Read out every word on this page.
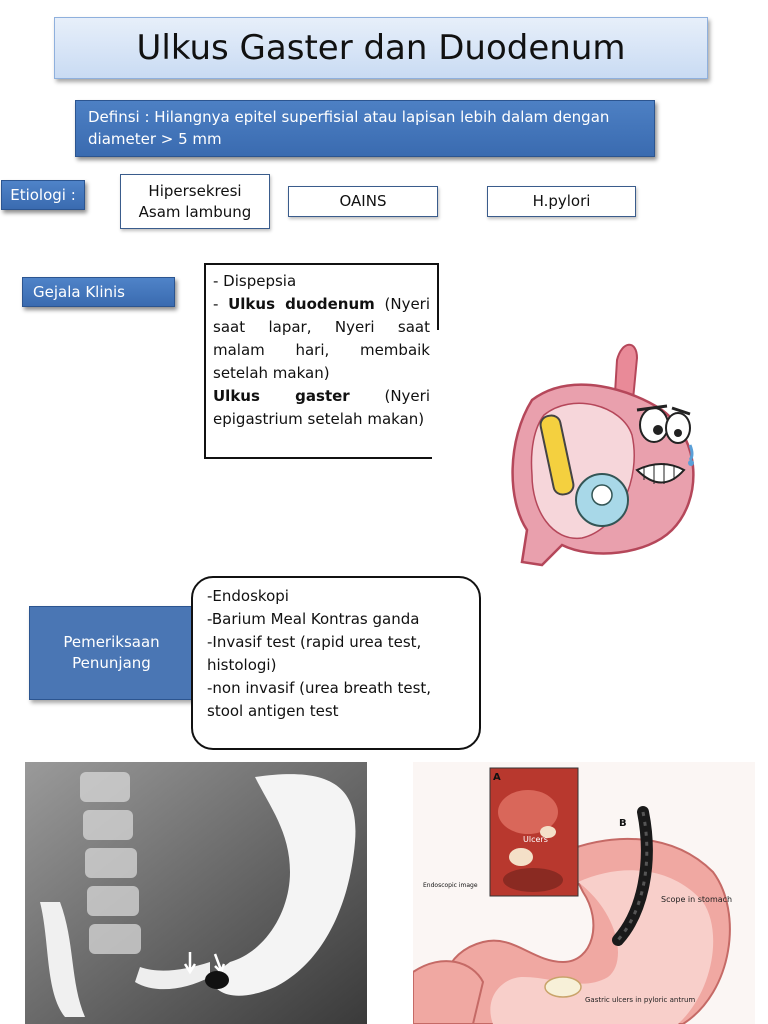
Ulkus Gaster dan Duodenum
Definsi : Hilangnya epitel superfisial atau lapisan lebih dalam dengan
diameter > 5 mm
Etiologi :	Hipersekresi
Asam lambung
OAINS	H.pylori
Gejala Klinis

- Dispepsia

- Ulkus duodenum (Nyeri saat lapar, Nyeri saat malam hari, membaik setelah makan)

Ulkus gaster (Nyeri epigastrium setelah makan)

Pemeriksaan
Penunjang
-Endoskopi
-Barium Meal Kontras ganda
-Invasif test (rapid urea test, histologi)
-non invasif (urea breath test, stool antigen test
A
B
Ulcers
Endoscopic image
Scope in stomach
Gastric ulcers in pyloric antrum
